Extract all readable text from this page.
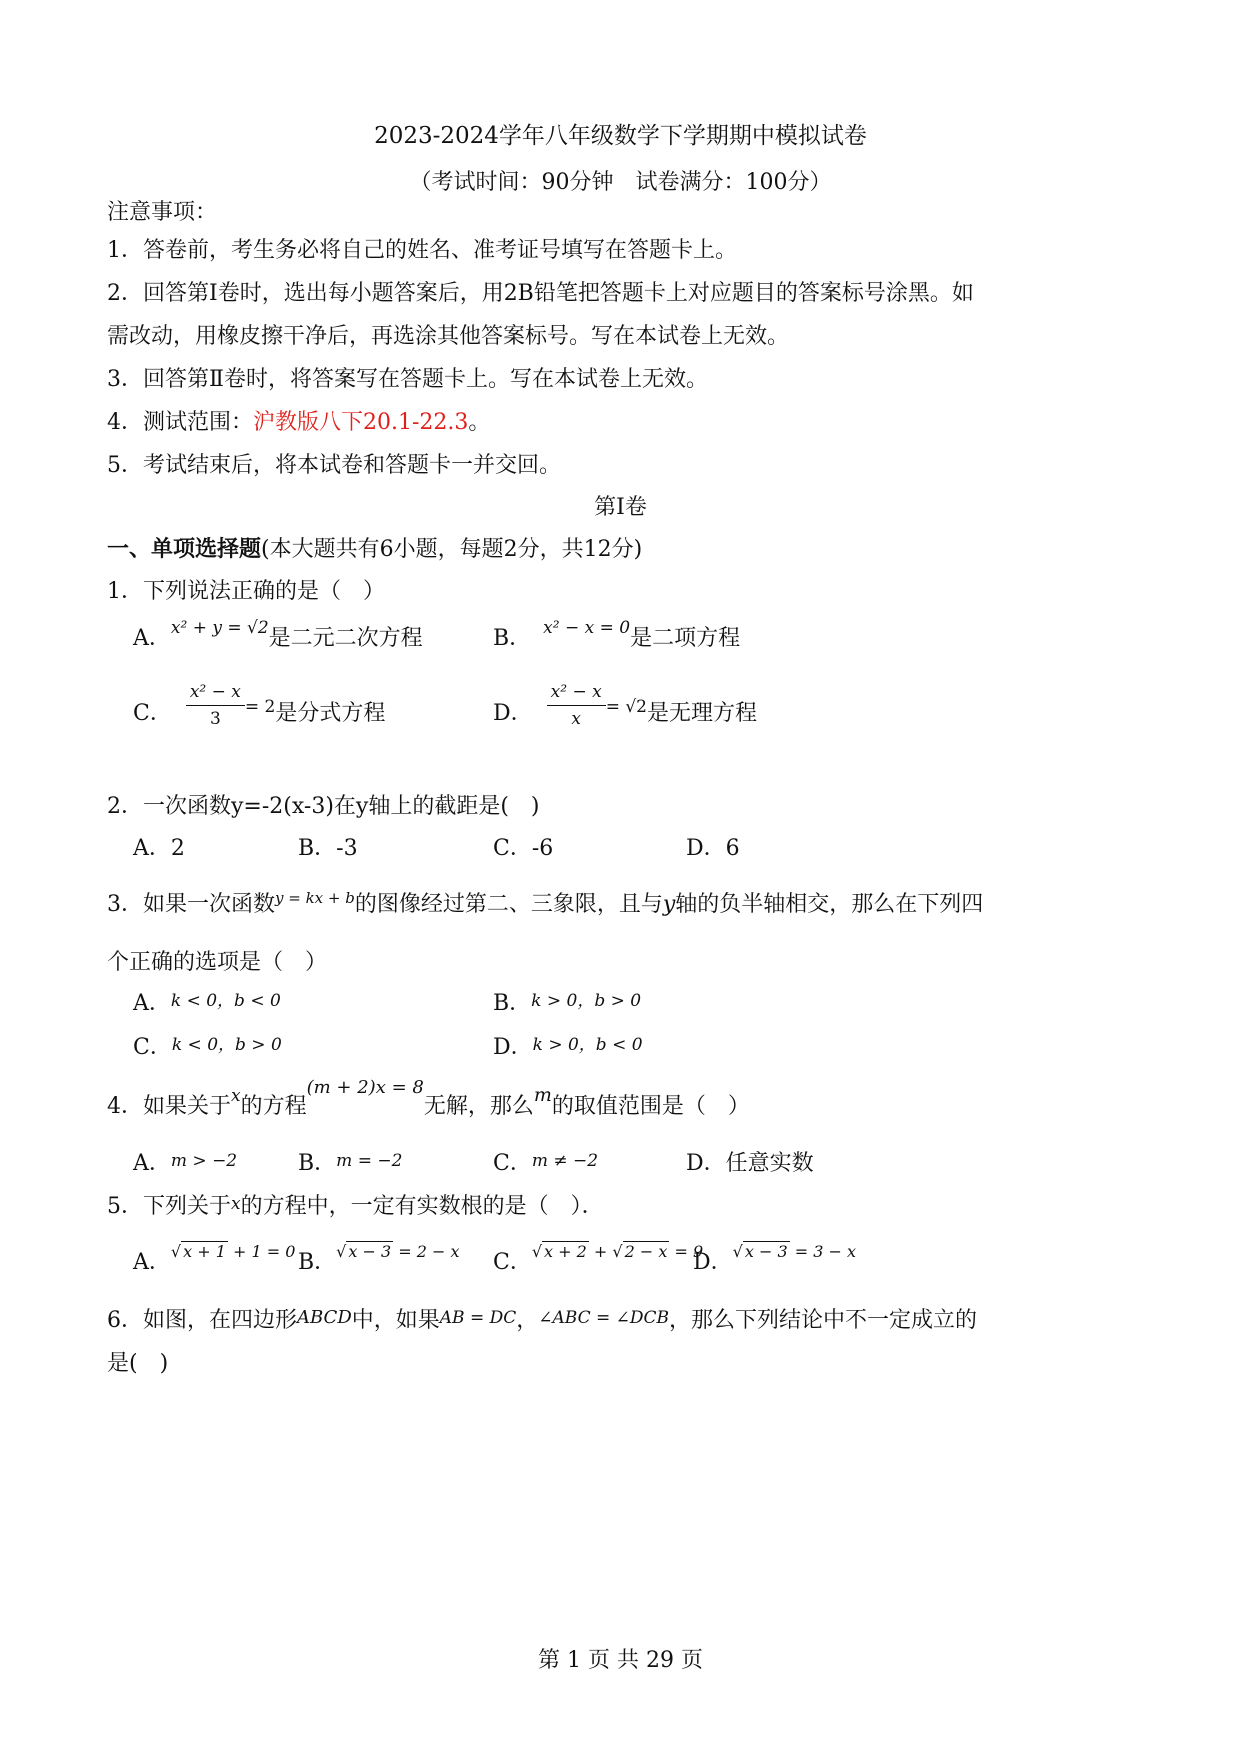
2023-2024学年八年级数学下学期期中模拟试卷
（考试时间：90分钟　试卷满分：100分）
注意事项：
1．答卷前，考生务必将自己的姓名、准考证号填写在答题卡上。
2．回答第Ⅰ卷时，选出每小题答案后，用2B铅笔把答题卡上对应题目的答案标号涂黑。如
需改动，用橡皮擦干净后，再选涂其他答案标号。写在本试卷上无效。
3．回答第Ⅱ卷时，将答案写在答题卡上。写在本试卷上无效。
4．测试范围：沪教版八下20.1-22.3。
5．考试结束后，将本试卷和答题卡一并交回。
第Ⅰ卷
一、单项选择题(本大题共有6小题，每题2分，共12分)
1．下列说法正确的是（　）
A．$^{x^2 + y = √2}$是二元二次方程	B． $^{x^2 - x = 0}$是二项方程
C． $\frac{\text{x² − x}}{3} ^{= 2}$是分式方程	D． $\frac{\text{x² − x}}{x} ^{= √2}$是无理方程
2．一次函数y=-2(x-3)在y轴上的截距是(　)
A．2	B．-3	C．-6	D．6
3．如果一次函数$^{y = kx + b}$的图像经过第二、三象限，且与y轴的负半轴相交，那么在下列四
个正确的选项是（　）
A．k < 0，b < 0	B．k > 0，b > 0
C．k < 0，b > 0	D．k > 0，b < 0
4．如果关于$^x$的方程$^{(m + 2)x = 8}$无解，那么m的取值范围是（　）
A．m > −2	B．m = −2	C．m ≠ −2	D．任意实数
5．下列关于x的方程中，一定有实数根的是（　）．
A．$^{√ x + 1 + 1 = 0}$ B．$^{√ x - 3 = 2 - x}$ C．$^{√ x + 2 + √ 2 - x = 9}$
D．$^{√ x - 3 = 3 - x}$
6．如图，在四边形ABCD中，如果AB = DC，∠ABC = ∠DCB，那么下列结论中不一定成立的
是(　)
第 1 页 共 29 页
